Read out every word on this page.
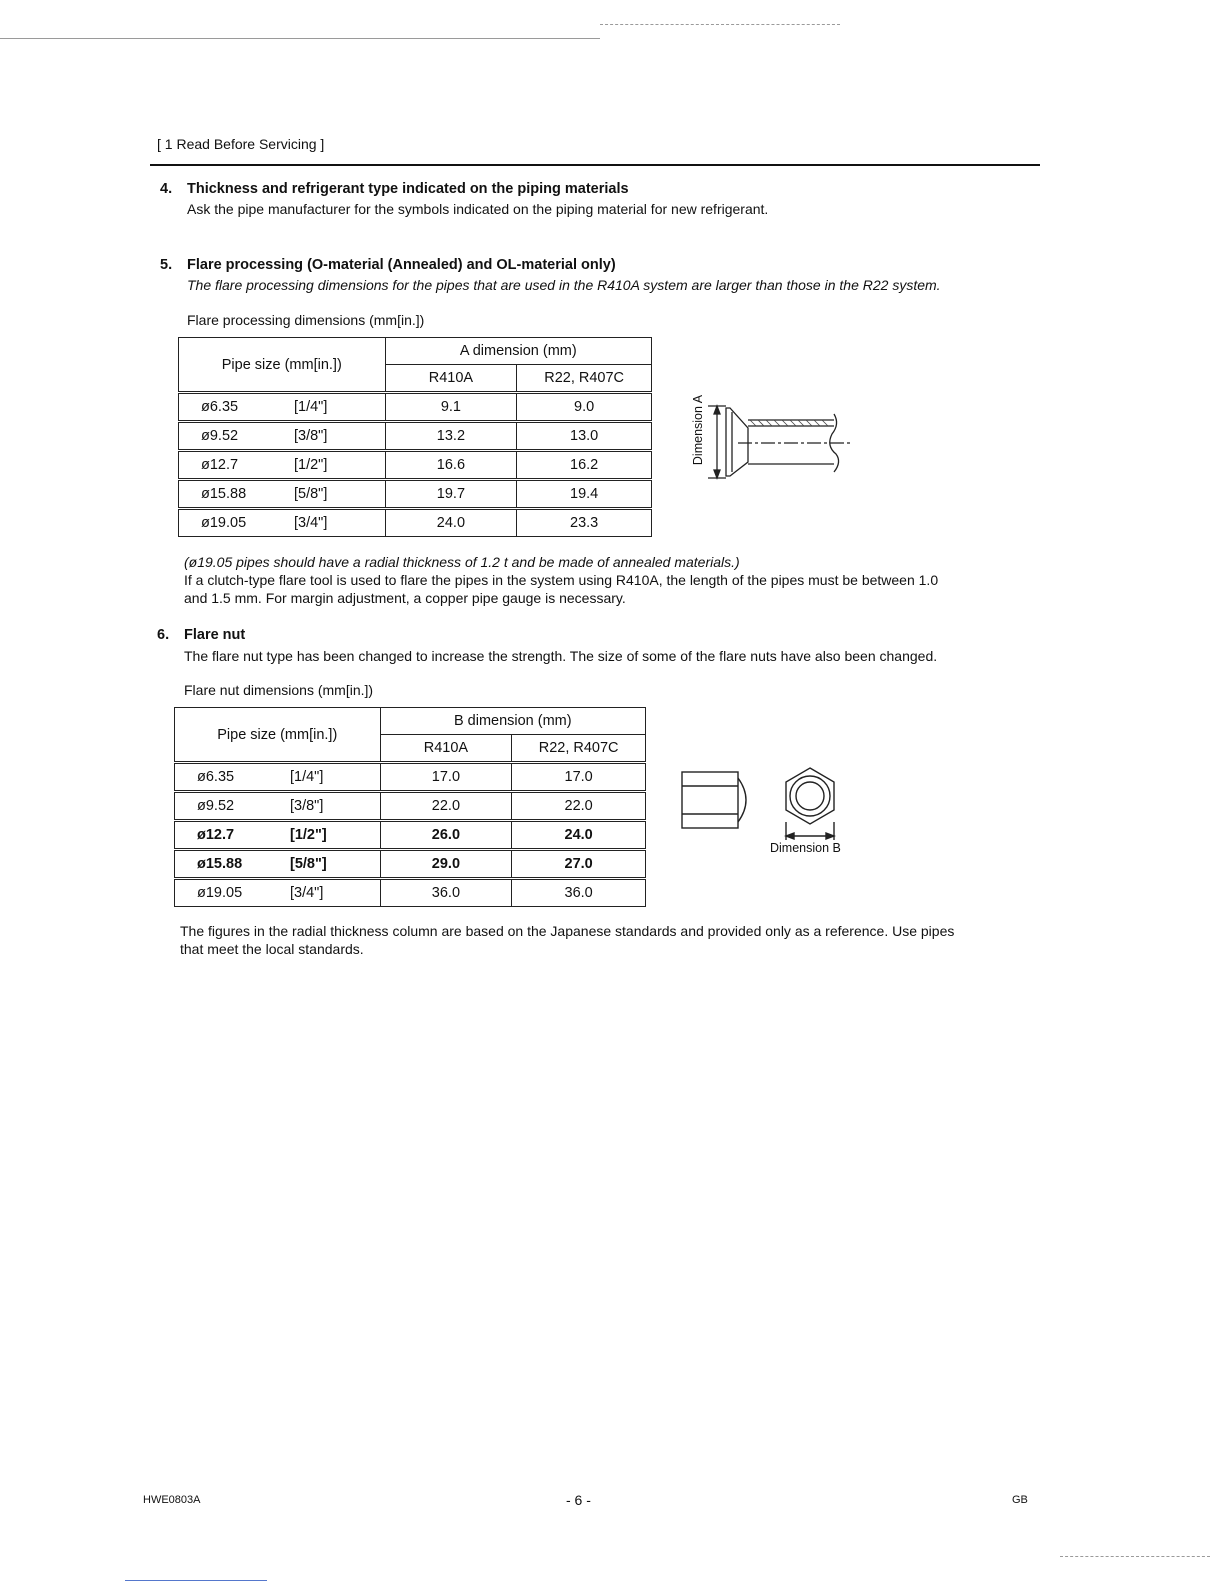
[ 1 Read Before Servicing ]
4. Thickness and refrigerant type indicated on the piping materials
Ask the pipe manufacturer for the symbols indicated on the piping material for new refrigerant.
5. Flare processing (O-material (Annealed) and OL-material only)
The flare processing dimensions for the pipes that are used in the R410A system are larger than those in the R22 system.
Flare processing dimensions (mm[in.])
Pipe size (mm[in.])	A dimension (mm)	
	R410A	R22, R407C
ø6.35 [1/4"]	9.1	9.0
ø9.52 [3/8"]	13.2	13.0
ø12.7 [1/2"]	16.6	16.2
ø15.88 [5/8"]	19.7	19.4
ø19.05 [3/4"]	24.0	23.3
Dimension A
(ø19.05 pipes should have a radial thickness of 1.2 t and be made of annealed materials.)
If a clutch-type flare tool is used to flare the pipes in the system using R410A, the length of the pipes must be between 1.0
and 1.5 mm. For margin adjustment, a copper pipe gauge is necessary.
6. Flare nut
The flare nut type has been changed to increase the strength. The size of some of the flare nuts have also been changed.
Flare nut dimensions (mm[in.])
Pipe size (mm[in.])	B dimension (mm)	
	R410A	R22, R407C
ø6.35 [1/4"]	17.0	17.0
ø9.52 [3/8"]	22.0	22.0
ø12.7 [1/2"]	26.0	24.0
ø15.88 [5/8"]	29.0	27.0
ø19.05 [3/4"]	36.0	36.0
Dimension B
The figures in the radial thickness column are based on the Japanese standards and provided only as a reference. Use pipes
that meet the local standards.
HWE0803A	- 6 -	GB
